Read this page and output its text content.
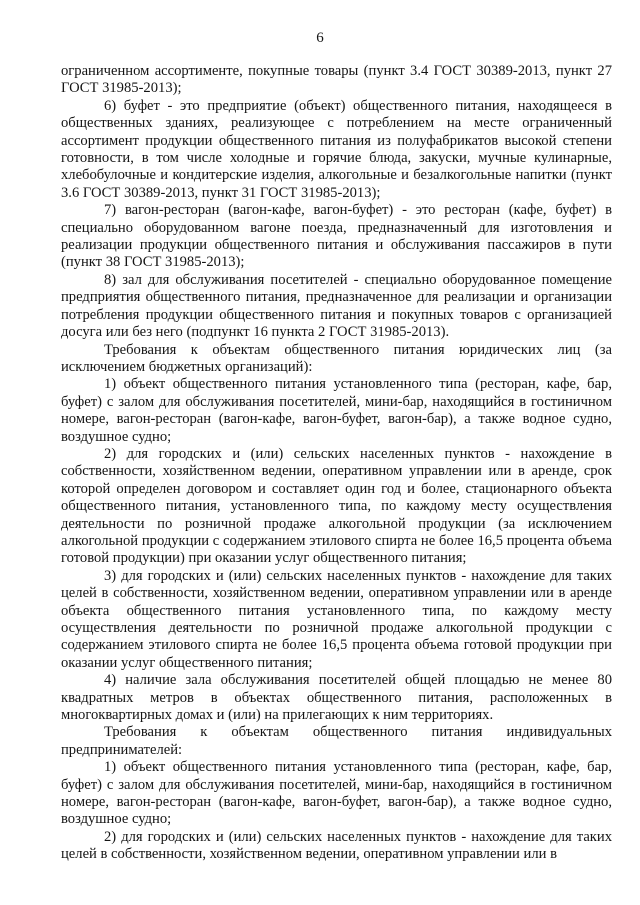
6

ограниченном ассортименте, покупные товары (пункт 3.4 ГОСТ 30389-2013, пункт 27 ГОСТ 31985-2013);

6) буфет - это предприятие (объект) общественного питания, находящееся в общественных зданиях, реализующее с потреблением на месте ограниченный ассортимент продукции общественного питания из полуфабрикатов высокой степени готовности, в том числе холодные и горячие блюда, закуски, мучные кулинарные, хлебобулочные и кондитерские изделия, алкогольные и безалкогольные напитки (пункт 3.6 ГОСТ 30389-2013, пункт 31 ГОСТ 31985-2013);

7) вагон-ресторан (вагон-кафе, вагон-буфет) - это ресторан (кафе, буфет) в специально оборудованном вагоне поезда, предназначенный для изготовления и реализации продукции общественного питания и обслуживания пассажиров в пути (пункт 38 ГОСТ 31985-2013);

8) зал для обслуживания посетителей - специально оборудованное помещение предприятия общественного питания, предназначенное для реализации и организации потребления продукции общественного питания и покупных товаров с организацией досуга или без него (подпункт 16 пункта 2 ГОСТ 31985-2013).

Требования к объектам общественного питания юридических лиц (за исключением бюджетных организаций):

1) объект общественного питания установленного типа (ресторан, кафе, бар, буфет) с залом для обслуживания посетителей, мини-бар, находящийся в гостиничном номере, вагон-ресторан (вагон-кафе, вагон-буфет, вагон-бар), а также водное судно, воздушное судно;

2) для городских и (или) сельских населенных пунктов - нахождение в собственности, хозяйственном ведении, оперативном управлении или в аренде, срок которой определен договором и составляет один год и более, стационарного объекта общественного питания, установленного типа, по каждому месту осуществления деятельности по розничной продаже алкогольной продукции (за исключением алкогольной продукции с содержанием этилового спирта не более 16,5 процента объема готовой продукции) при оказании услуг общественного питания;

3) для городских и (или) сельских населенных пунктов - нахождение для таких целей в собственности, хозяйственном ведении, оперативном управлении или в аренде объекта общественного питания установленного типа, по каждому месту осуществления деятельности по розничной продаже алкогольной продукции с содержанием этилового спирта не более 16,5 процента объема готовой продукции при оказании услуг общественного питания;

4) наличие зала обслуживания посетителей общей площадью не менее 80 квадратных метров в объектах общественного питания, расположенных в многоквартирных домах и (или) на прилегающих к ним территориях.

Требования к объектам общественного питания индивидуальных предпринимателей:

1) объект общественного питания установленного типа (ресторан, кафе, бар, буфет) с залом для обслуживания посетителей, мини-бар, находящийся в гостиничном номере, вагон-ресторан (вагон-кафе, вагон-буфет, вагон-бар), а также водное судно, воздушное судно;

2) для городских и (или) сельских населенных пунктов - нахождение для таких целей в собственности, хозяйственном ведении, оперативном управлении или в
